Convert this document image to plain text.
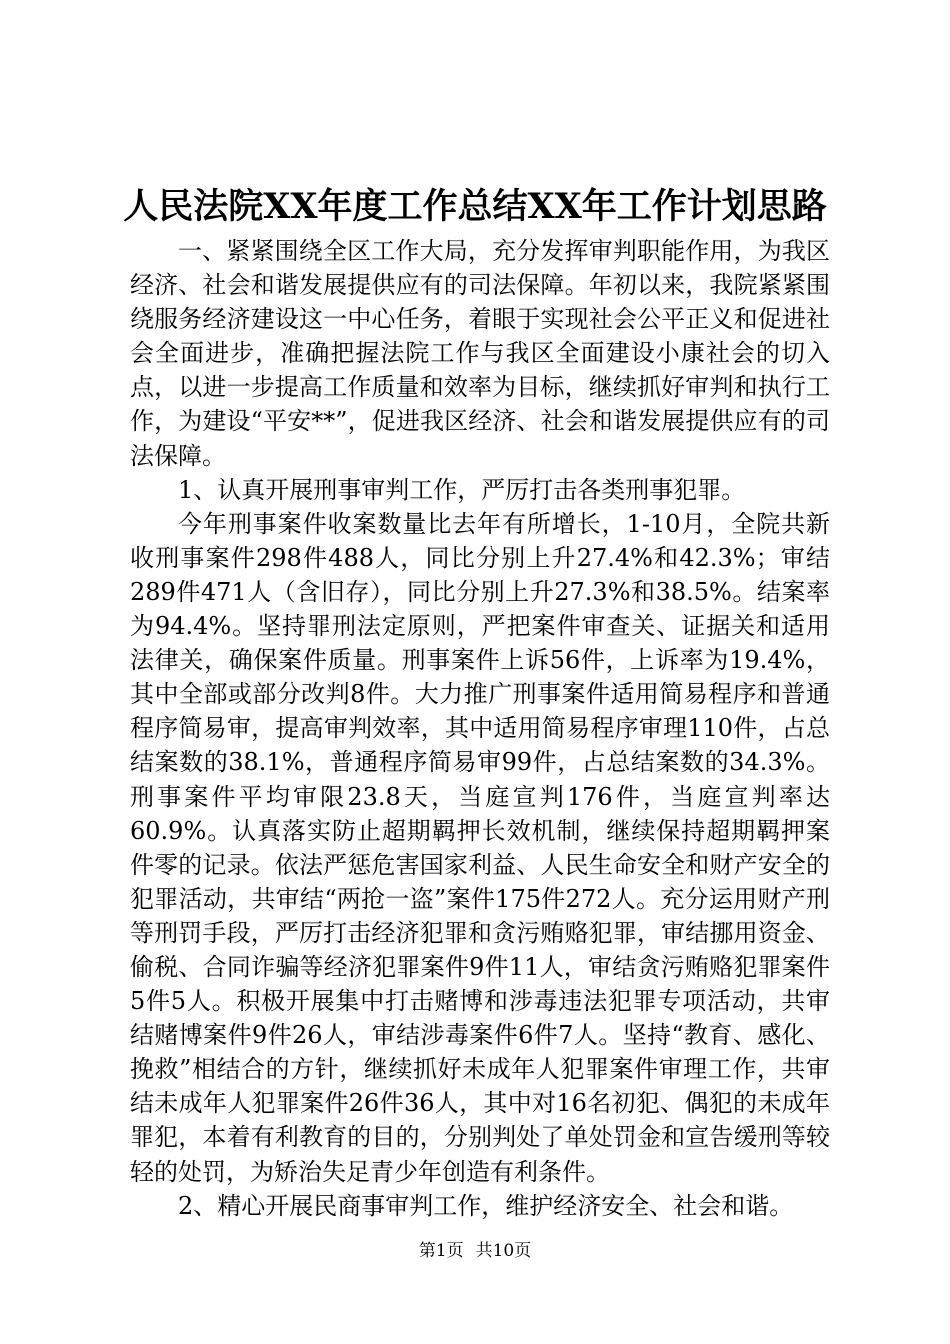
人民法院XX年度工作总结XX年工作计划思路

一、紧紧围绕全区工作大局，充分发挥审判职能作用，为我区经济、社会和谐发展提供应有的司法保障。年初以来，我院紧紧围绕服务经济建设这一中心任务，着眼于实现社会公平正义和促进社会全面进步，准确把握法院工作与我区全面建设小康社会的切入点，以进一步提高工作质量和效率为目标，继续抓好审判和执行工作，为建设“平安**”，促进我区经济、社会和谐发展提供应有的司法保障。

1、认真开展刑事审判工作，严厉打击各类刑事犯罪。

今年刑事案件收案数量比去年有所增长，1-10月，全院共新收刑事案件298件488人，同比分别上升27.4%和42.3%；审结289件471人（含旧存），同比分别上升27.3%和38.5%。结案率为94.4%。坚持罪刑法定原则，严把案件审查关、证据关和适用法律关，确保案件质量。刑事案件上诉56件，上诉率为19.4%，其中全部或部分改判8件。大力推广刑事案件适用简易程序和普通程序简易审，提高审判效率，其中适用简易程序审理110件，占总结案数的38.1%，普通程序简易审99件，占总结案数的34.3%。刑事案件平均审限23.8天，当庭宣判176件，当庭宣判率达60.9%。认真落实防止超期羁押长效机制，继续保持超期羁押案件零的记录。依法严惩危害国家利益、人民生命安全和财产安全的犯罪活动，共审结“两抢一盗”案件175件272人。充分运用财产刑等刑罚手段，严厉打击经济犯罪和贪污贿赂犯罪，审结挪用资金、偷税、合同诈骗等经济犯罪案件9件11人，审结贪污贿赂犯罪案件5件5人。积极开展集中打击赌博和涉毒违法犯罪专项活动，共审结赌博案件9件26人，审结涉毒案件6件7人。坚持“教育、感化、挽救”相结合的方针，继续抓好未成年人犯罪案件审理工作，共审结未成年人犯罪案件26件36人，其中对16名初犯、偶犯的未成年罪犯，本着有利教育的目的，分别判处了单处罚金和宣告缓刑等较轻的处罚，为矫治失足青少年创造有利条件。

2、精心开展民商事审判工作，维护经济安全、社会和谐。

第1页 共10页
